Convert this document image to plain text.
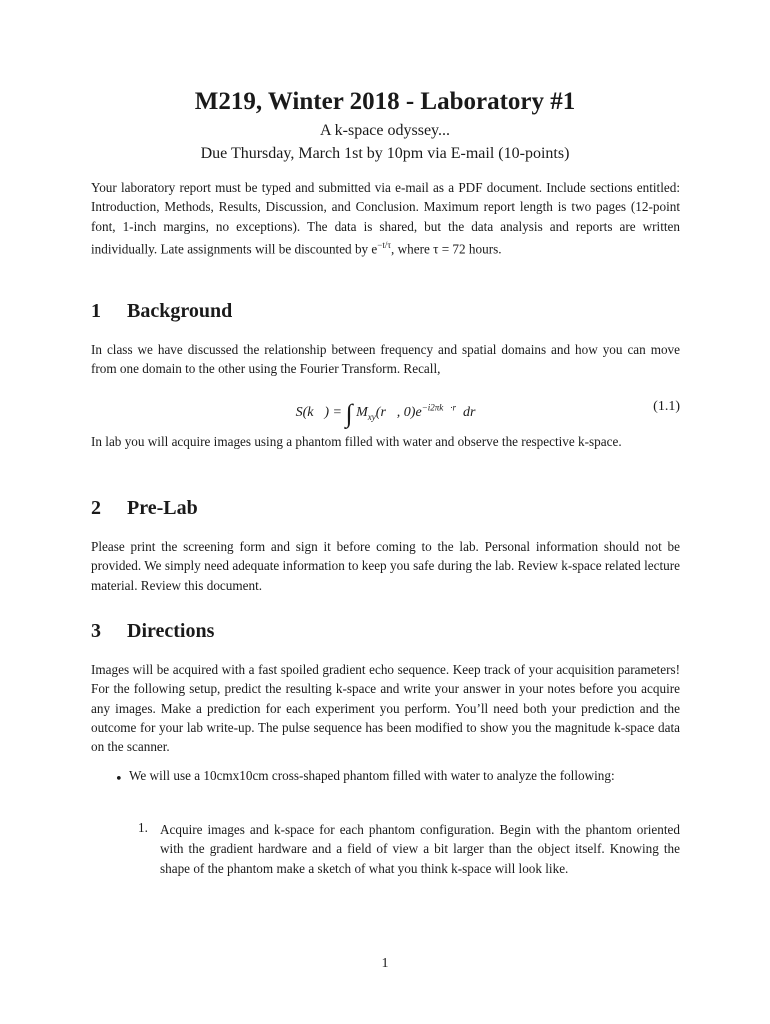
M219, Winter 2018 - Laboratory #1
A k-space odyssey...
Due Thursday, March 1st by 10pm via E-mail (10-points)
Your laboratory report must be typed and submitted via e-mail as a PDF document. Include sections entitled: Introduction, Methods, Results, Discussion, and Conclusion. Maximum report length is two pages (12-point font, 1-inch margins, no exceptions). The data is shared, but the data analysis and reports are written individually. Late assignments will be discounted by $e^{-t/\tau}$, where τ = 72 hours.
1 Background
In class we have discussed the relationship between frequency and spatial domains and how you can move from one domain to the other using the Fourier Transform. Recall,
S(k⃗) = ∫ $M_{xy}(r⃗$, $0)e^{-i2\pi k⃗\cdot r⃗}dr⃗$	(1.1)
In lab you will acquire images using a phantom filled with water and observe the respective k-space.
2 Pre-Lab
Please print the screening form and sign it before coming to the lab. Personal information should not be provided. We simply need adequate information to keep you safe during the lab. Review k-space related lecture material. Review this document.
3 Directions
Images will be acquired with a fast spoiled gradient echo sequence. Keep track of your acquisition parameters! For the following setup, predict the resulting k-space and write your answer in your notes before you acquire any images. Make a prediction for each experiment you perform. You’ll need both your prediction and the outcome for your lab write-up. The pulse sequence has been modified to show you the magnitude k-space data on the scanner.
• We will use a 10cmx10cm cross-shaped phantom filled with water to analyze the following:
1. Acquire images and k-space for each phantom configuration. Begin with the phantom oriented with the gradient hardware and a field of view a bit larger than the object itself. Knowing the shape of the phantom make a sketch of what you think k-space will look like.
1
